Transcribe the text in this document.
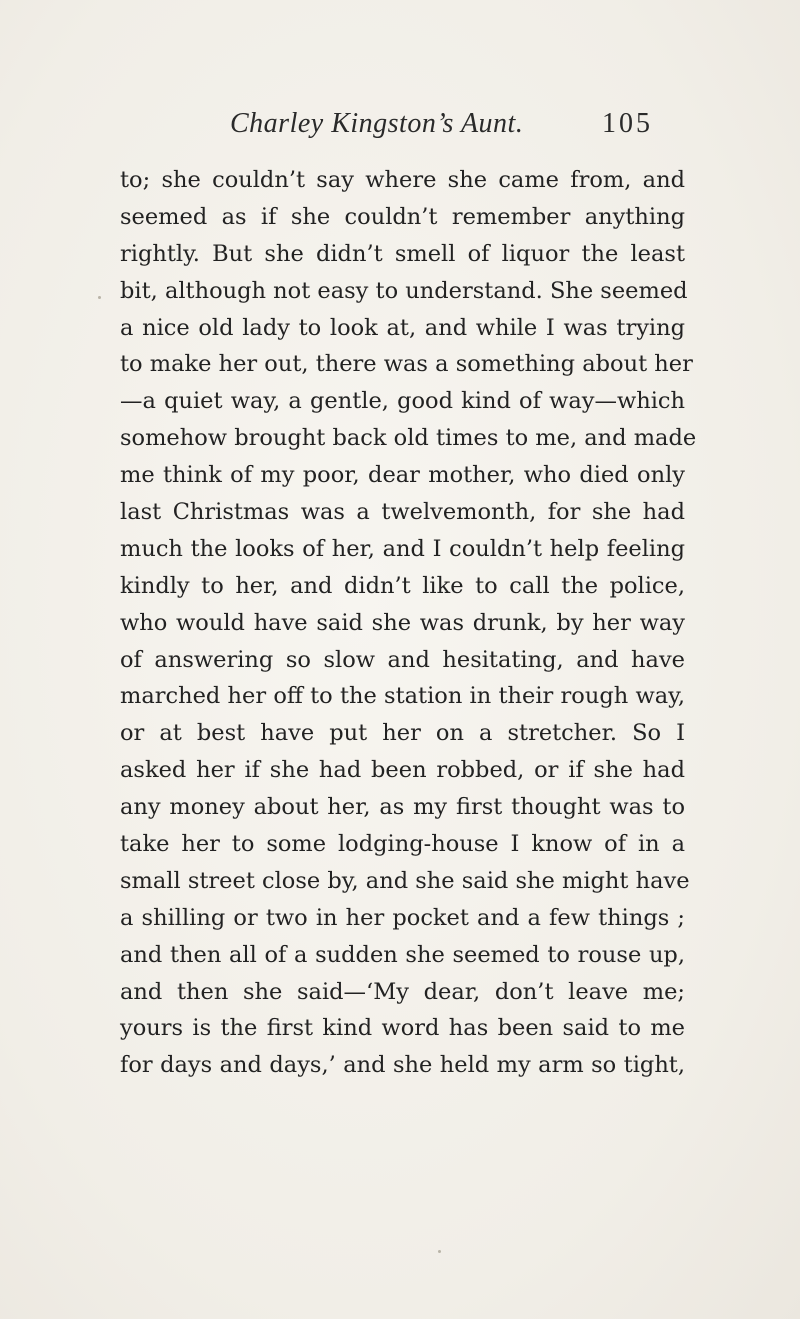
Charley Kingston’s Aunt.	105
to; she couldn’t say where she came from, and
seemed as if she couldn’t remember anything
rightly. But she didn’t smell of liquor the least
bit, although not easy to understand. She seemed
a nice old lady to look at, and while I was trying
to make her out, there was a something about her
—a quiet way, a gentle, good kind of way—which
somehow brought back old times to me, and made
me think of my poor, dear mother, who died only
last Christmas was a twelvemonth, for she had
much the looks of her, and I couldn’t help feeling
kindly to her, and didn’t like to call the police,
who would have said she was drunk, by her way
of answering so slow and hesitating, and have
marched her off to the station in their rough way,
or at best have put her on a stretcher. So I
asked her if she had been robbed, or if she had
any money about her, as my first thought was to
take her to some lodging-house I know of in a
small street close by, and she said she might have
a shilling or two in her pocket and a few things ;
and then all of a sudden she seemed to rouse up,
and then she said—‘My dear, don’t leave me;
yours is the first kind word has been said to me
for days and days,’ and she held my arm so tight,
